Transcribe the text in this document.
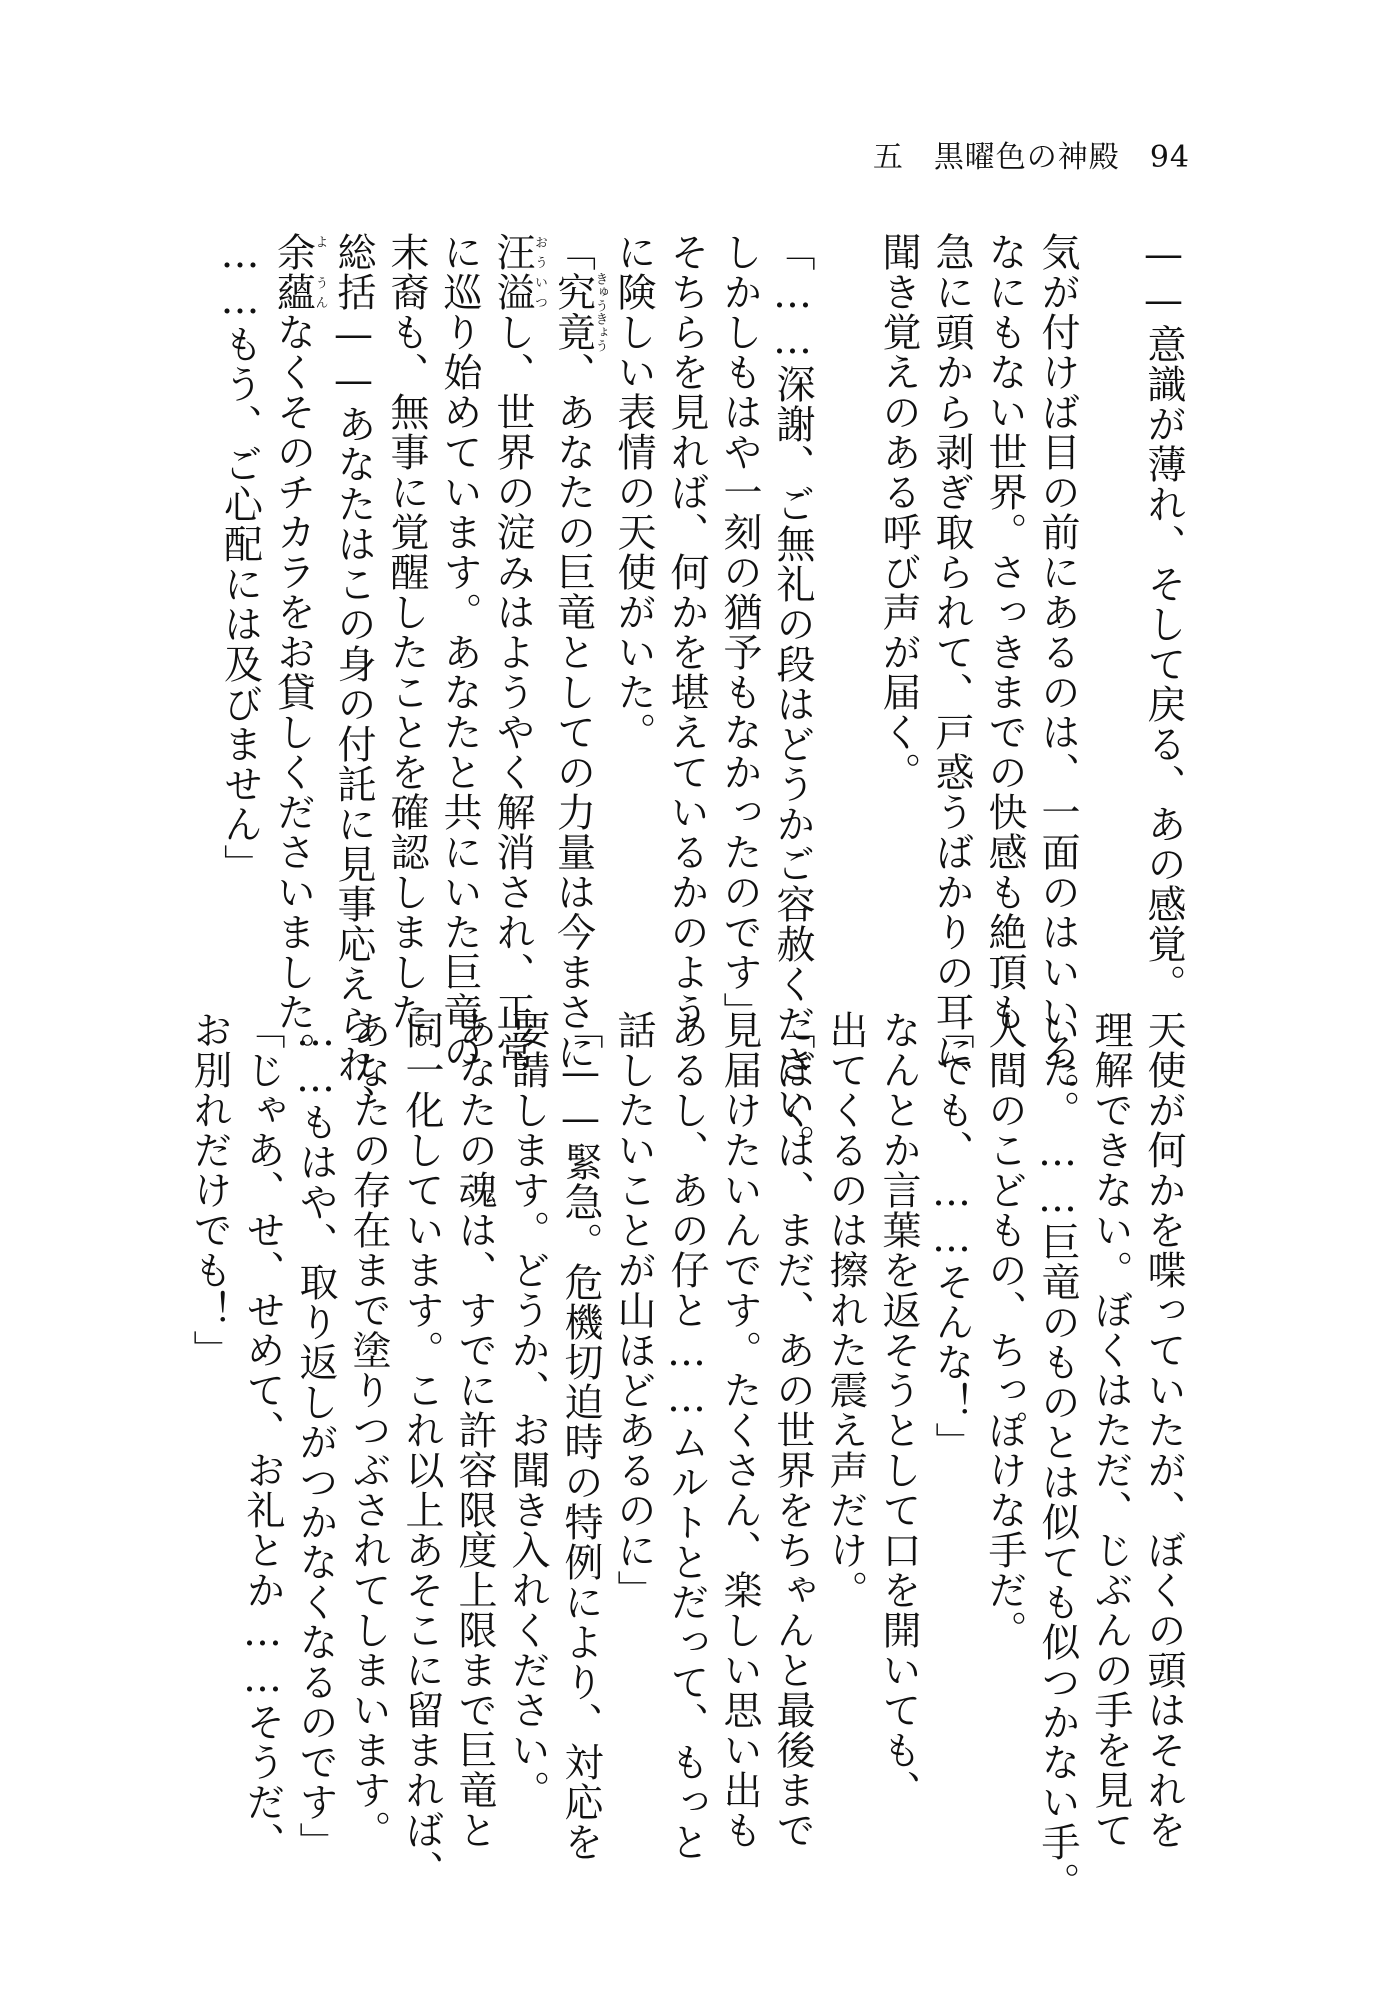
五 黒曜色の神殿 94
——意識が薄れ、そして戻る、あの感覚。
気が付けば目の前にあるのは、一面のはいいろ。
なにもない世界。さっきまでの快感も絶頂も
急に頭から剥ぎ取られて、戸惑うばかりの耳に
聞き覚えのある呼び声が届く。
「……深謝、ご無礼の段はどうかご容赦ください。
しかしもはや一刻の猶予もなかったのです」
そちらを見れば、何かを堪えているかのよう
に険しい表情の天使がいた。
「究竟きゅうきょう、あなたの巨竜としての力量は今まさに
汪溢おういつし、世界の淀みはようやく解消され、正常
に巡り始めています。あなたと共にいた巨竜の
末裔も、無事に覚醒したことを確認しました。
総括——あなたはこの身の付託に見事応えられ、
余蘊よ うんなくそのチカラをお貸しくださいました。
……もう、ご心配には及びません」
天使が何かを喋っていたが、ぼくの頭はそれを
理解できない。ぼくはただ、じぶんの手を見て
いた。……巨竜のものとは似ても似つかない手。
人間のこどもの、ちっぽけな手だ。
「でも、……そんな！」
なんとか言葉を返そうとして口を開いても、
出てくるのは擦れた震え声だけ。
「ぼくは、まだ、あの世界をちゃんと最後まで
見届けたいんです。たくさん、楽しい思い出も
あるし、あの仔と……ムルトとだって、もっと
話したいことが山ほどあるのに」
「——緊急。危機切迫時の特例により、対応を
要請します。どうか、お聞き入れください。
あなたの魂は、すでに許容限度上限まで巨竜と
同一化しています。これ以上あそこに留まれば、
あなたの存在まで塗りつぶされてしまいます。
……もはや、取り返しがつかなくなるのです」
「じゃあ、せ、せめて、お礼とか……そうだ、
お別れだけでも！」
